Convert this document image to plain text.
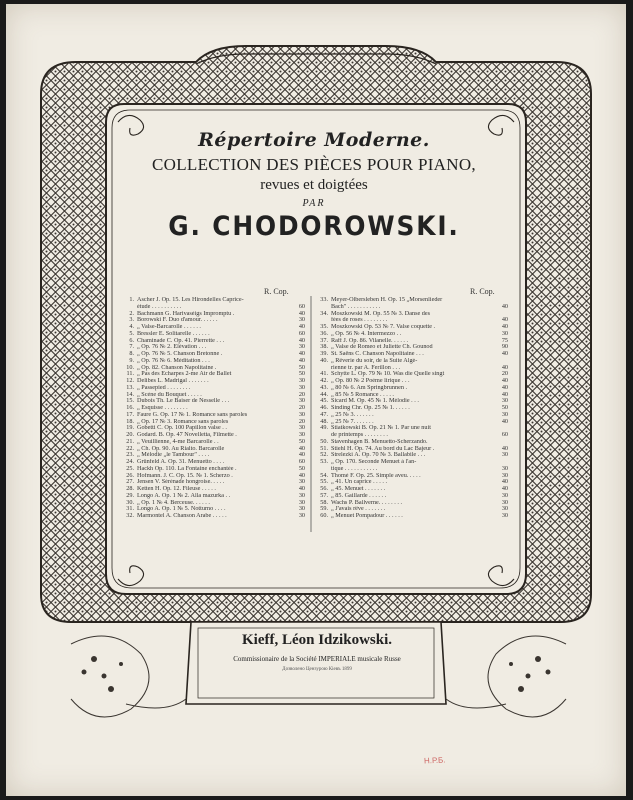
Répertoire Moderne.
COLLECTION DES PIÈCES POUR PIANO,
revues et doigtées
PAR
G. CHODOROWSKI.
R. Cop.	R. Cop.
1. Ascher J. Op. 15. Les Hirondelles Caprice-
étude . . . . . . . . . .	60
2. Bachmann G. Harivasèigs Impromptu .	40
3. Borowski F. Duo d'amour. . . . . .	30
4. „ Valse-Barcarolle . . . . . .	40
5. Bressler E. Solitarelle . . . . . .	60
6. Chaminade C. Op. 41. Pierrette . . .	40
7. „ Op. 76 № 2. Élévation . . .	30
8. „ Op. 76 № 5. Chanson Bretonne .	40
9. „ Op. 76 № 6. Méditation . . .	40
10. „ Op. 82. Chanson Napolitaine .	50
11. „ Pas des Echarpes 2-me Air de Ballet	50
12. Delibes L. Madrigal . . . . . . .	30
13. „ Passepied . . . . . . . .	30
14. „ Scène du Bouquet . . . . .	20
15. Dubois Th. Le Baiser de Nesselle . . .	30
16. „ Esquisse . . . . . . . .	20
17. Faure G. Op. 17 № 1. Romance sans paroles	30
18. „ Op. 17 № 3. Romance sans paroles	20
19. Gobetti C. Op. 100 Papillon valse . .	30
20. Godard. B. Op. 47 Novelletta, Filmette .	30
21. „ Veuillienne, 4-me Barcarolle . .	50
22. „ Ch. Op. 90. Au Rialto. Barcarolle	40
23. „ Mélodie „le Tambour" . . . .	40
24. Grünfeld A. Op. 31. Menuetto . . . .	60
25. Hackh Op. 110. La Fontaine enchantée .	50
26. Hofmann. J. C. Op. 15. № 1. Scherzo .	40
27. Jensen V. Sérénade hongroise. . . . .	30
28. Ketten H. Op. 12. Fileuse . . . . .	40
29. Longo A. Op. 1 № 2. Alla mazurka . .	30
30. „ Op. 1 № 4. Berceuse. . . . . .	30
31. Longo A. Op. 1 № 5. Notturno . . . .	30
32. Marmontel A. Chanson Arabe . . . . .	30
33. Meyer-Olbersleben H. Op. 15 „Morsenlieder
Bach" . . . . . . . . . . .	40
34. Moszkowski M. Op. 55 № 3. Danse des
fées de roses . . . . . . . .	40
35. Moszkowski Op. 53 № 7. Valse coquette .	40
36. „ Op. 56 № 4. Intermezzo . .	30
37. Raff J. Op. 86. Vilanelle. . . . . .	75
38. „ Valse de Romeo et Juliette Ch. Gounod	90
39. St. Saëns C. Chanson Napolitaine . . .	40
40. „ Rêverie du soir, de la Suite Algé-
rienne tr. par A. Ferillon . . .	40
41. Schytte L. Op. 79 № 10. Was die Quelle singt	20
42. „ Op. 80 № 2 Poème lirique . . .	40
43. „ 80 № 6. Am Springbrunnen .	40
44. „ 85 № 5 Romance . . . . .	40
45. Sicard M. Op. 45 № 1. Mélodie . . .	30
46. Sinding Chr. Op. 25 № 1. . . . . .	50
47. „ 25 № 3. . . . . . .	30
48. „ 25 № 7. . . . . . .	40
49. Stiatkowski B. Op. 21 № 1. Par une nuit
de printemps . . . . . . . .	60
50. Stavenhagen B. Menuetto-Scherzando.
51. Stiehl H. Op. 74. Au bord du Lac Bajeur .	40
52. Strelezki A. Op. 70 № 3. Ballabile . . .	30
53. „ Op. 170. Seconde Menuet à l'an-
tique . . . . . . . . . . .	30
54. Thomé F. Op. 25. Simple aveu. . . . .	30
55. „ 41. Un caprice . . . . .	40
56. „ 45. Menuet . . . . . . .	40
57. „ 85. Gaillarde . . . . . .	30
58. Wachs P. Ballverne. . . . . . . .	30
59. „ J'avais rêve . . . . . . .	30
60. „ Menuet Pompadour . . . . . .	30
Kieff, Léon Idzikowski.
Commissionaire de la Société IMPERIALE musicale Russe
Дозволено Цензурою Кіевъ 1899
Н.Р.Б.
